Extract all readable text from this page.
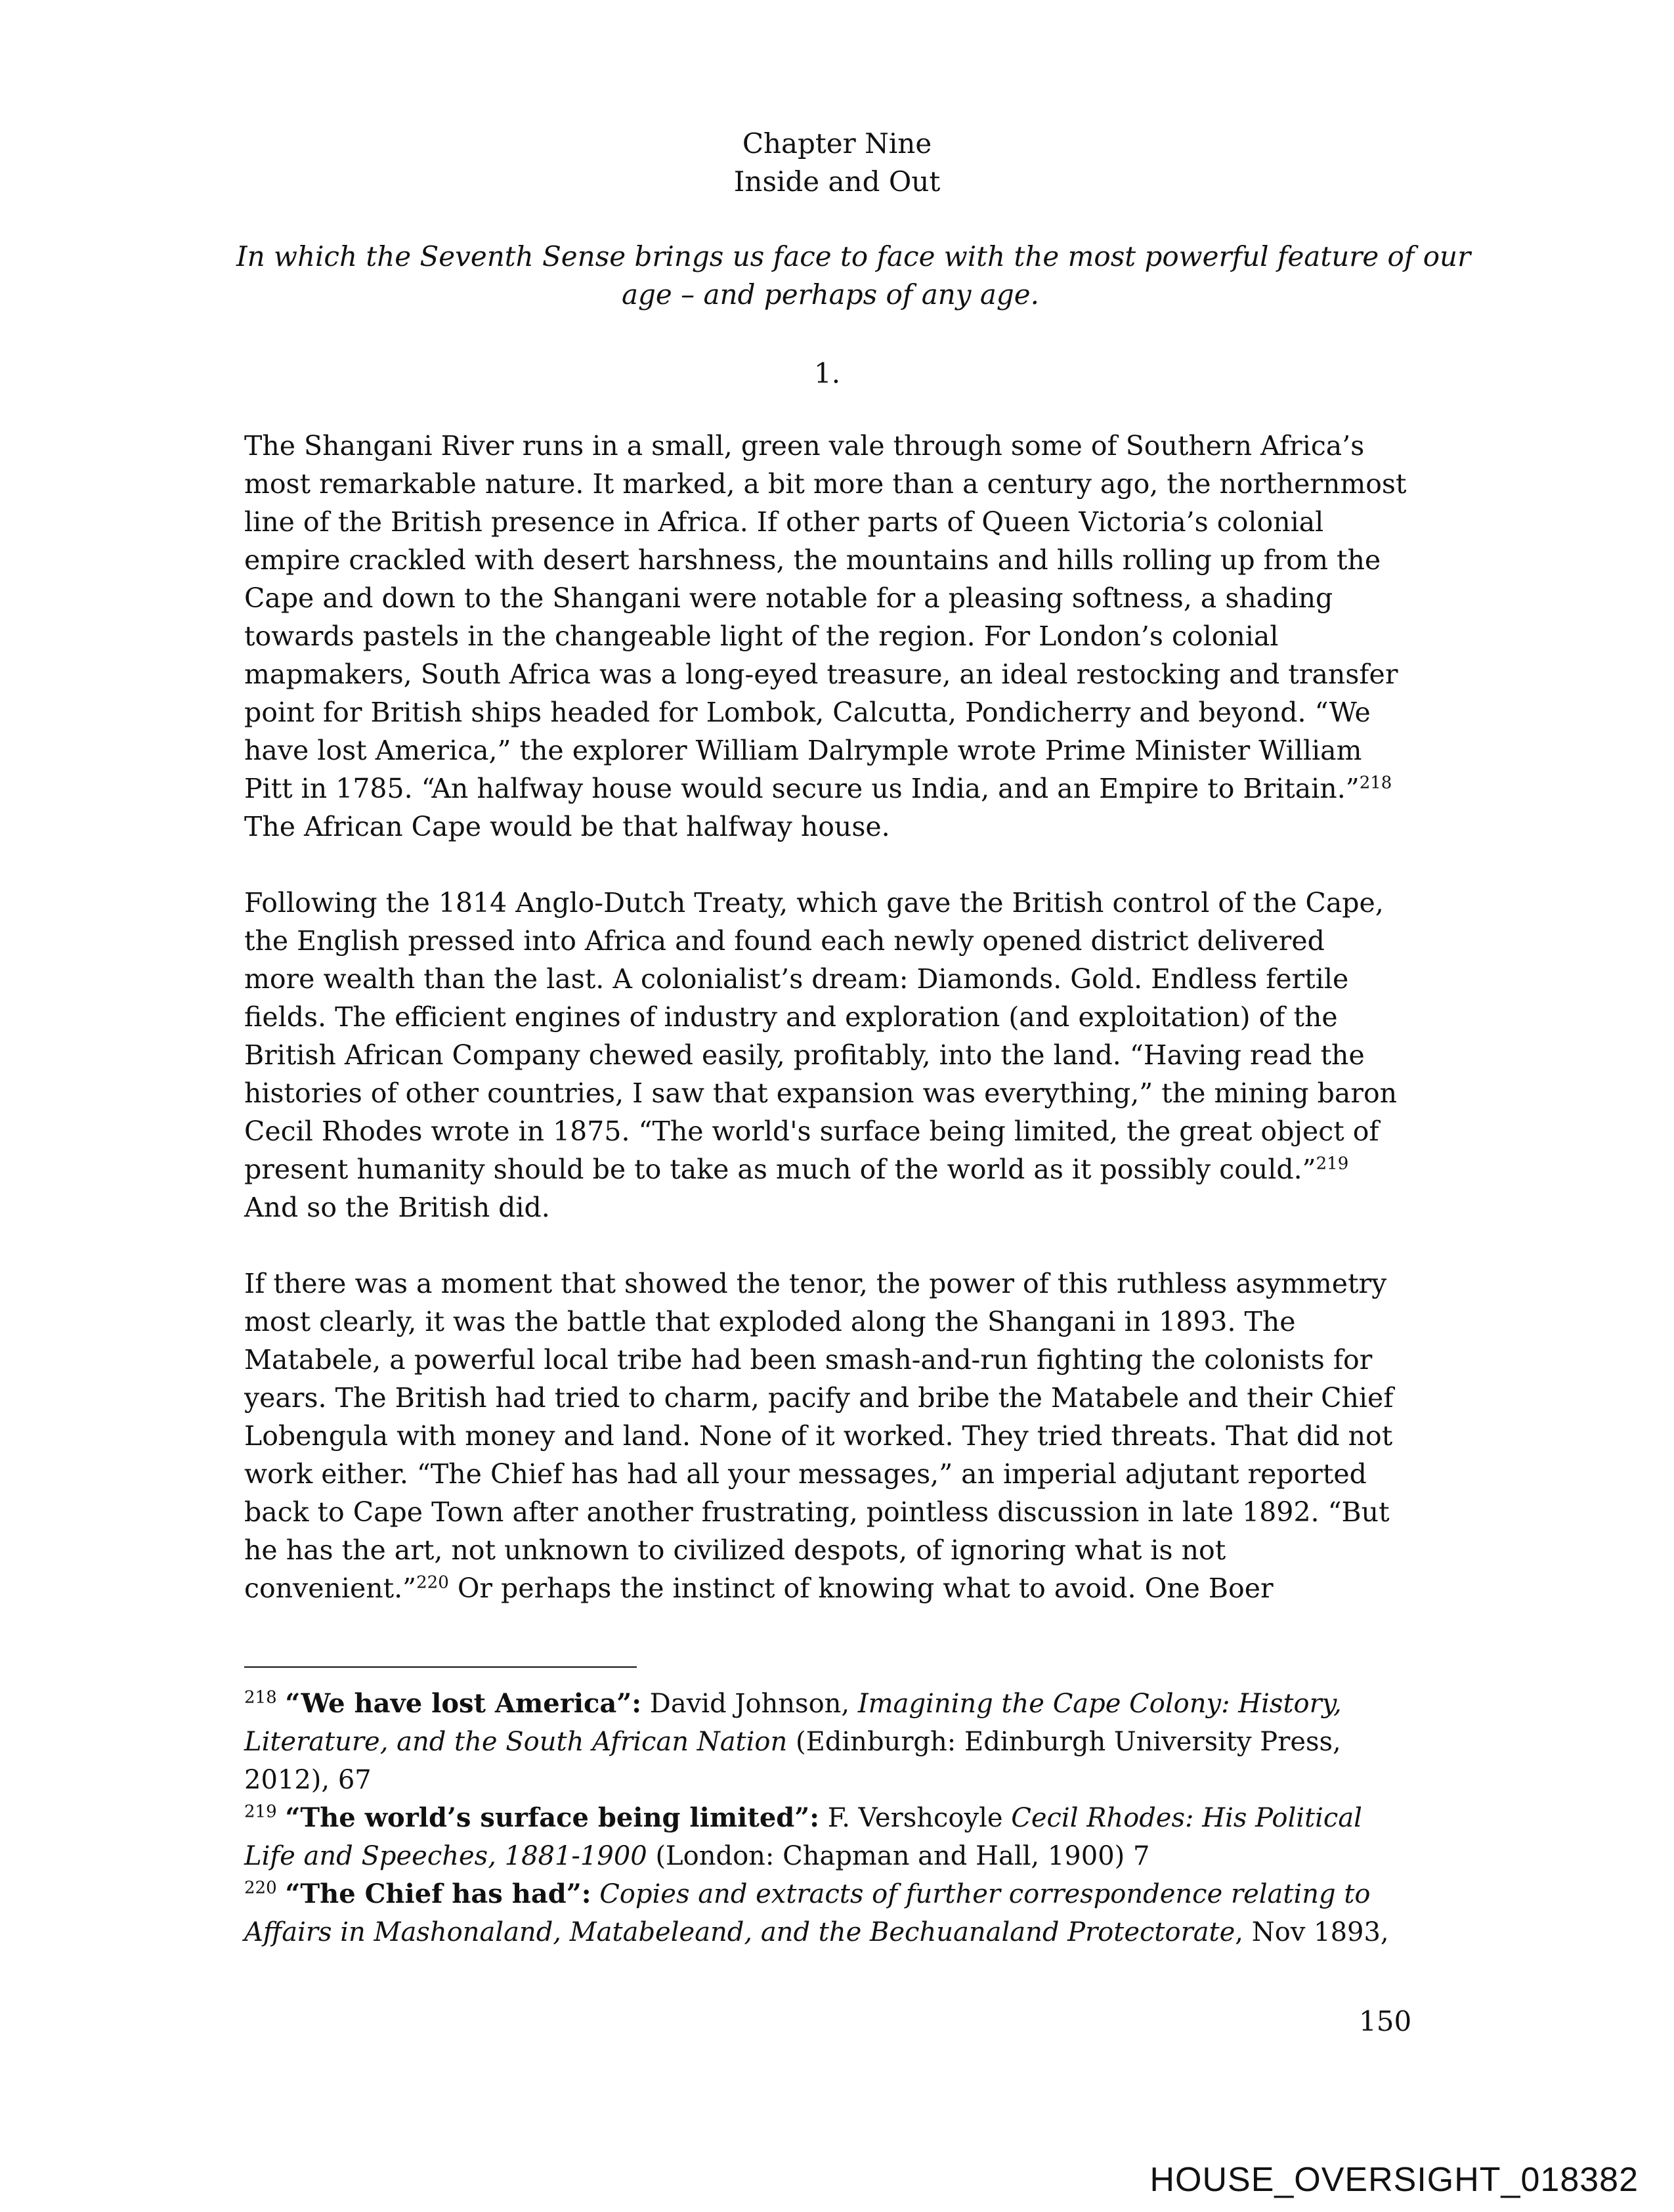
Chapter Nine
Inside and Out
In which the Seventh Sense brings us face to face with the most powerful feature of our
age – and perhaps of any age.
1.
The Shangani River runs in a small, green vale through some of Southern Africa’s
most remarkable nature. It marked, a bit more than a century ago, the northernmost
line of the British presence in Africa. If other parts of Queen Victoria’s colonial
empire crackled with desert harshness, the mountains and hills rolling up from the
Cape and down to the Shangani were notable for a pleasing softness, a shading
towards pastels in the changeable light of the region. For London’s colonial
mapmakers, South Africa was a long-eyed treasure, an ideal restocking and transfer
point for British ships headed for Lombok, Calcutta, Pondicherry and beyond. “We
have lost America,” the explorer William Dalrymple wrote Prime Minister William
Pitt in 1785. “An halfway house would secure us India, and an Empire to Britain.”$^{218}$
The African Cape would be that halfway house.
Following the 1814 Anglo-Dutch Treaty, which gave the British control of the Cape,
the English pressed into Africa and found each newly opened district delivered
more wealth than the last. A colonialist’s dream: Diamonds. Gold. Endless fertile
fields. The efficient engines of industry and exploration (and exploitation) of the
British African Company chewed easily, profitably, into the land. “Having read the
histories of other countries, I saw that expansion was everything,” the mining baron
Cecil Rhodes wrote in 1875. “The world's surface being limited, the great object of
present humanity should be to take as much of the world as it possibly could.”$^{219}$
And so the British did.
If there was a moment that showed the tenor, the power of this ruthless asymmetry
most clearly, it was the battle that exploded along the Shangani in 1893. The
Matabele, a powerful local tribe had been smash-and-run fighting the colonists for
years. The British had tried to charm, pacify and bribe the Matabele and their Chief
Lobengula with money and land. None of it worked. They tried threats. That did not
work either. “The Chief has had all your messages,” an imperial adjutant reported
back to Cape Town after another frustrating, pointless discussion in late 1892. “But
he has the art, not unknown to civilized despots, of ignoring what is not
convenient.”$^{220}$ Or perhaps the instinct of knowing what to avoid. One Boer
$^{218}$ “We have lost America”: David Johnson, Imagining the Cape Colony: History,
Literature, and the South African Nation (Edinburgh: Edinburgh University Press,
2012), 67
$^{219}$ “The world’s surface being limited”: F. Vershcoyle Cecil Rhodes: His Political
Life and Speeches, 1881-1900 (London: Chapman and Hall, 1900) 7
$^{220}$ “The Chief has had”: Copies and extracts of further correspondence relating to
Affairs in Mashonaland, Matabeleand, and the Bechuanaland Protectorate, Nov 1893,
150
HOUSE_OVERSIGHT_018382
